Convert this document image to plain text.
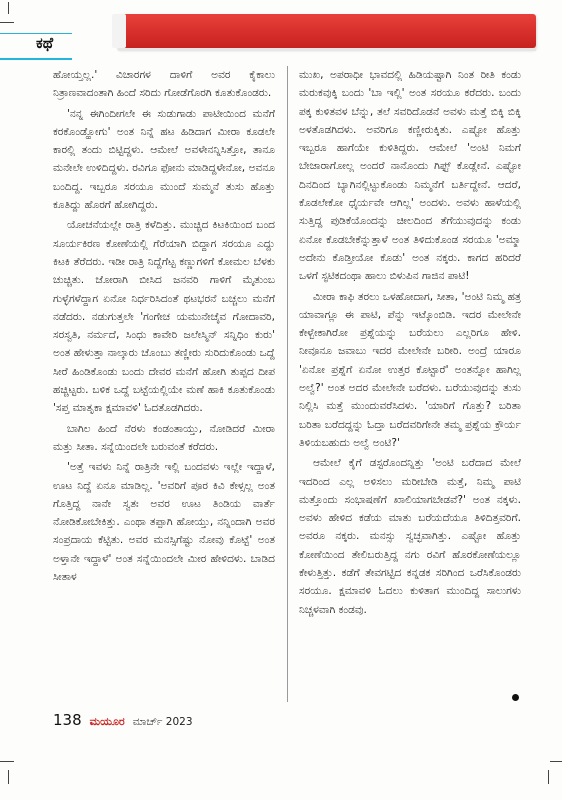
ಕಥೆ

ಹೋಯ್ತಲ್ಲ.' ವಿಚಾರಗಳ ದಾಳಿಗೆ ಅವರ ಕೈಕಾಲು ನಿತ್ರಾಣವಾದಂತಾಗಿ ಹಿಂದೆ ಸರಿದು ಗೋಡೆಗೊರಗಿ ಕೂತುಕೊಂಡರು.

'ನನ್ನ ಈಗಿಂದೀಗಲೇ ಈ ಸುಡುಗಾಡು ಪಾಟೀಯಿಂದ ಮನೆಗೆ ಕರಕೊಂಡ್ಹೋಗು' ಅಂತ ನಿನ್ನೆ ಹಟ ಹಿಡಿದಾಗ ಮೀರಾ ಕೂಡಲೇ ಕಾರಲ್ಲಿ ತಂದು ಬಿಟ್ಟಿದ್ದಳು. ಆಮೇಲೆ ಅವಳೇನನ್ನಿಸಿತ್ತೋ, ತಾನೂ ಮನೇಲೇ ಉಳಿದಿದ್ದಳು. ರವಿಗೂ ಫೋನು ಮಾಡಿದ್ದಳೇನೋ, ಅವನೂ ಬಂದಿದ್ದ. ಇಬ್ಬರೂ ಸರಯೂ ಮುಂದೆ ಸುಮ್ಮನೆ ತುಸು ಹೊತ್ತು ಕೂತಿದ್ದು ಹೊರಗೆ ಹೋಗಿದ್ದರು.

ಯೋಚನೆಯಲ್ಲೇ ರಾತ್ರಿ ಕಳೆದಿತ್ತು. ಮುಚ್ಚಿದ ಕಿಟಕಿಯಿಂದ ಬಂದ ಸೂರ್ಯಕಿರಣ ಕೋಣೆಯಲ್ಲಿ ಗೆರೆಯಾಗಿ ಬಿದ್ದಾಗ ಸರಯೂ ಎದ್ದು ಕಿಟಕಿ ತೆರೆದರು. ಇಡೀ ರಾತ್ರಿ ನಿದ್ದೆಗೆಟ್ಟ ಕಣ್ಣುಗಳಿಗೆ ಕೋಮಲ ಬೆಳಕು ಚುಚ್ಚಿತು. ಜೋರಾಗಿ ಬೀಸಿದ ಜನವರಿ ಗಾಳಿಗೆ ಮೈತುಂಬ ಗುಳ್ಳೆಗಳೆದ್ದಾಗ ಏನೋ ನಿರ್ಧರಿಸಿದಂತೆ ಥಟಭರನೆ ಬಚ್ಚಲು ಮನೆಗೆ ನಡೆದರು. ನಡುಗುತ್ತಲೇ 'ಗಂಗೇಚ ಯಮುನೇಚೈವ ಗೋದಾವರಿ, ಸರಸ್ವತಿ, ನರ್ಮದೆ, ಸಿಂಧು ಕಾವೇರಿ ಜಲೇಸ್ಮಿನ್ ಸನ್ನಿಧಿಂ ಕುರು' ಅಂತ ಹೇಳುತ್ತಾ ನಾಲ್ಕಾರು ಚೊಂಬು ತಣ್ಣೀರು ಸುರಿದುಕೊಂಡು ಒದ್ದೆ ಸೀರೆ ಹಿಂಡಿಕೊಂಡು ಬಂದು ದೇವರ ಮನೆಗೆ ಹೋಗಿ ತುಪ್ಪದ ದೀಪ ಹಚ್ಚಿಟ್ಟರು. ಬಳಿಕ ಒದ್ದೆ ಬಟ್ಟೆಯಲ್ಲಿಯೇ ಮಣೆ ಹಾಕಿ ಕೂತುಕೊಂಡು 'ಸಪ್ತ ಮಾತೃಕಾ ಕ್ಷಮಾವಳಿ' ಓದತೊಡಗಿದರು.

ಬಾಗಿಲ ಹಿಂದೆ ನೆರಳು ಕಂಡಂತಾಯ್ತು, ನೋಡಿದರೆ ಮೀರಾ ಮತ್ತು ಸೀತಾ. ಸನ್ನೆಯಿಂದಲೇ ಬರುವಂತೆ ಕರೆದರು.

'ಅತ್ತೆ ಇವಳು ನಿನ್ನೆ ರಾತ್ರಿನೇ ಇಲ್ಲಿ ಬಂದವಳು ಇಲ್ಲೇ ಇದ್ದಾಳೆ, ಊಟ ನಿದ್ದೆ ಏನೂ ಮಾಡಿಲ್ಲ. 'ಅವರಿಗೆ ಪೂರ ಕಿವಿ ಕೇಳ್ಸಲ್ಲ ಅಂತ ಗೊತ್ತಿದ್ದ ನಾನೇ ಸ್ವತಃ ಅವರ ಊಟ ತಿಂಡಿಯ ವಾರ್ತೆ ನೋಡಿಕೋಬೇಕಿತ್ತು. ಎಂಥಾ ತಪ್ಪಾಗಿ ಹೋಯ್ತು, ನನ್ನಿಂದಾಗಿ ಅವರ ಸಂಪ್ರದಾಯ ಕೆಟ್ಟಿತು. ಅವರ ಮನಸ್ಸಿಗೆಷ್ಟು ನೋವು ಕೊಟ್ಟೆ' ಅಂತ ಅಳ್ತಾನೇ ಇದ್ದಾಳೆ' ಅಂತ ಸನ್ನೆಯಿಂದಲೇ ಮೀರ ಹೇಳಿದಳು. ಬಾಡಿದ ಸೀತಾಳ

ಮುಖ, ಅಪರಾಧೀ ಭಾವದಲ್ಲಿ ಹಿಡಿಯಷ್ಟಾಗಿ ನಿಂತ ರೀತಿ ಕಂಡು ಮರುಕವುಕ್ಕಿ ಬಂದು 'ಬಾ ಇಲ್ಲಿ' ಅಂತ ಸರಯೂ ಕರೆದರು. ಬಂದು ಪಕ್ಕ ಕುಳಿತವಳ ಬೆನ್ನು, ತಲೆ ಸವರಿದೊಡನೆ ಅವಳು ಮತ್ತೆ ಬಿಕ್ಕಿ ಬಿಕ್ಕಿ ಅಳತೊಡಗಿದಳು. ಅವರಿಗೂ ಕಣ್ಣೀರುಕ್ಕಿತು. ಎಷ್ಟೋ ಹೊತ್ತು ಇಬ್ಬರೂ ಹಾಗೆಯೇ ಕುಳಿತಿದ್ದರು. ಆಮೇಲೆ 'ಅಂಟಿ ನಿಮಗೆ ಬೇಜಾರಾಗೋಲ್ಲ ಅಂದರೆ ನಾನೊಂದು ಗಿಫ್ಟ್ ಕೊಡ್ಲೇನೆ. ಎಷ್ಟೋ ದಿನದಿಂದ ಬ್ಯಾಗಿನಲ್ಲಿಟ್ಟುಕೊಂಡು ನಿಮ್ಮನೆಗೆ ಬರ್ತಿದ್ದೇನೆ. ಆದರೆ, ಕೊಡಲೇಕೋ ಧೈರ್ಯವೇ ಆಗಿಲ್ಲ' ಅಂದಳು. ಅವಳು ಹಾಳೆಯಲ್ಲಿ ಸುತ್ತಿದ್ದ ಪುಡಿಕೆಯೊಂದನ್ನು ಚೀಲದಿಂದ ತೆಗೆಯುವುದನ್ನು ಕಂಡು ಏನೋ ಕೊಡಬೇಕೆನ್ನುತ್ತಾಳೆ ಅಂತ ತಿಳಿದುಕೊಂಡ ಸರಯೂ 'ಅಮ್ಮಾ ಅದೇನು ಕೊಡ್ತೀಯೋ ಕೊಡು' ಅಂತ ನಕ್ಕರು. ಕಾಗದ ಹರಿದರೆ ಒಳಗೆ ಸ್ಫಟಿಕದಂಥಾ ಹಾಲು ಬಿಳುಪಿನ ಗಾಜಿನ ಪಾಟಿ!

ಮೀರಾ ಕಾಫಿ ತರಲು ಒಳಹೋದಾಗ, ಸೀತಾ, 'ಅಂಟಿ ನಿಮ್ಮ ಹತ್ರ ಯಾವಾಗ್ಲೂ ಈ ಪಾಟಿ, ಪೆನ್ನು ಇಟ್ಕೊಂಬಿಡಿ. ಇದರ ಮೇಲೇನೇ ಕೇಳ್ಬೇಕಾಗಿರೋ ಪ್ರಶ್ನೆಯನ್ನು ಬರೆಯಲು ಎಲ್ಲರಿಗೂ ಹೇಳಿ. ನೀವೂನೂ ಜವಾಬು ಇದರ ಮೇಲೇನೇ ಬರೀರಿ. ಅಂದ್ರೆ ಯಾರೂ 'ಏನೋ ಪ್ರಶ್ನೆಗೆ ಏನೋ ಉತ್ತರ ಕೊಟ್ಟಾರೆ' ಅಂತನ್ನೋ ಹಾಗಿಲ್ಲ ಅಲ್ವೆ?' ಅಂತ ಅದರ ಮೇಲೇನೇ ಬರೆದಳು. ಬರೆಯುವುದನ್ನು ತುಸು ನಿಲ್ಲಿಸಿ ಮತ್ತೆ ಮುಂದುವರೆಸಿದಳು. 'ಯಾರಿಗೆ ಗೊತ್ತು? ಬರಿತಾ ಬರಿತಾ ಬರೆದದ್ದನ್ನು ಓದ್ತಾ ಬರೆದವರಿಗೇನೇ ತಮ್ಮ ಪ್ರಶ್ನೆಯ ಕ್ರೌರ್ಯ ತಿಳಿಯಬಹುದು ಅಲ್ವೆ ಅಂಟಿ?'

ಆಮೇಲೆ ಕೈಗೆ ಡಸ್ಟರೊಂದನ್ನಿತ್ತು 'ಅಂಟಿ ಬರೆದಾದ ಮೇಲೆ ಇದರಿಂದ ಎಲ್ಲ ಅಳಿಸಲು ಮರೀಬೇಡಿ ಮತ್ತೆ, ನಿಮ್ಮ ಪಾಟಿ ಮತ್ತೊಂದು ಸಂಭಾಷಣೆಗೆ ಖಾಲಿಯಾಗಬೇಡವೆ?' ಅಂತ ನಕ್ಕಳು. ಅವಳು ಹೇಳಿದ ಕಡೆಯ ಮಾತು ಬರೆಯದೆಯೂ ತಿಳಿದಿತ್ತವರಿಗೆ. ಅವರೂ ನಕ್ಕರು. ಮನಸ್ಸು ಸ್ವಚ್ಛವಾಗಿತ್ತು. ಎಷ್ಟೋ ಹೊತ್ತು ಕೋಣೆಯಿಂದ ತೇಲಿಬರುತ್ತಿದ್ದ ನಗು ರವಿಗೆ ಹೊರಕೋಣೆಯಲ್ಲೂ ಕೇಳುತ್ತಿತ್ತು. ಕಡೆಗೆ ತೇವಗಟ್ಟಿದ ಕನ್ನಡಕ ಸರಿಗಿಂದ ಒರೆಸಿಕೊಂಡರು ಸರಯೂ. ಕ್ಷಮಾವಳಿ ಓದಲು ಕುಳಿತಾಗ ಮುಂದಿದ್ದ ಸಾಲುಗಳು ನಿಚ್ಚಳವಾಗಿ ಕಂಡವು.

138 ಮಯೂರ ಮಾರ್ಚ್ 2023
